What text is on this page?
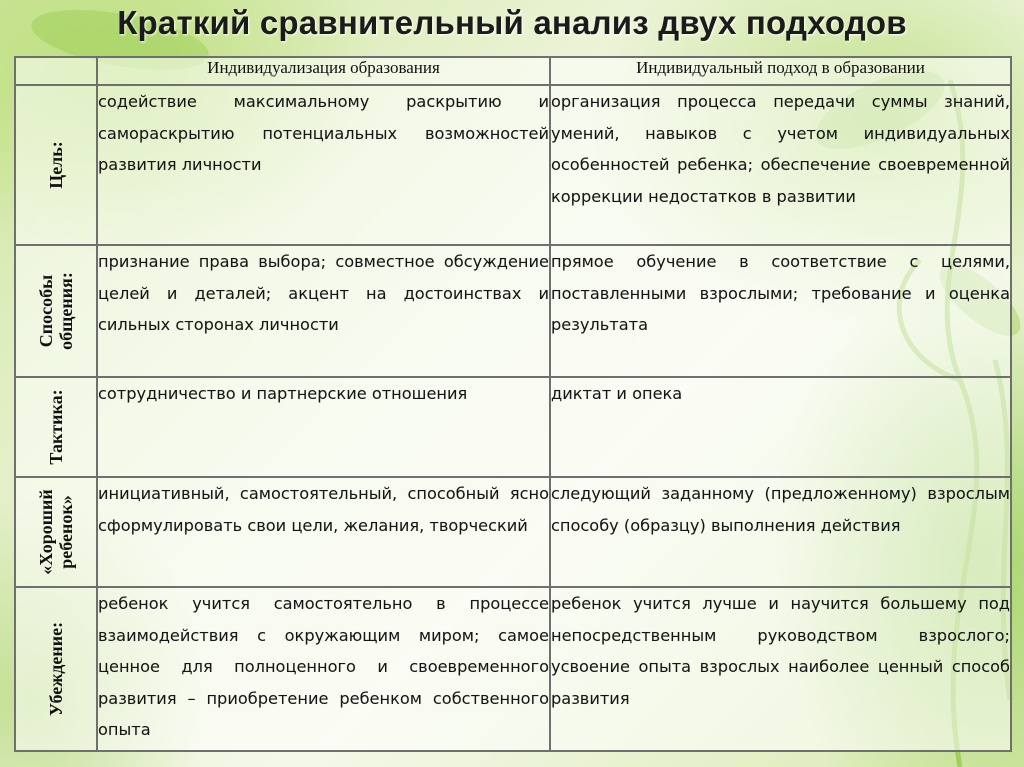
Краткий сравнительный анализ двух подходов
	Индивидуализация образования	Индивидуальный подход в образовании

Цель:	содействие максимальному раскрытию и самораскрытию потенциальных возможностей развития личности	организация процесса передачи суммы знаний, умений, навыков с учетом индивидуальных особенностей ребенка; обеспечение своевременной коррекции недостатков в развитии

Способы общения:	признание права выбора; совместное обсуждение целей и деталей; акцент на достоинствах и сильных сторонах личности	прямое обучение в соответствие с целями, поставленными взрослыми; требование и оценка результата

Тактика:	сотрудничество и партнерские отношения	диктат и опека

«Хороший ребенок»	инициативный, самостоятельный, способный ясно сформулировать свои цели, желания, творческий	следующий заданному (предложенному) взрослым способу (образцу) выполнения действия

Убеждение:	ребенок учится самостоятельно в процессе взаимодействия с окружающим миром; самое ценное для полноценного и своевременного развития – приобретение ребенком собственного опыта	ребенок учится лучше и научится большему под непосредственным руководством взрослого; усвоение опыта взрослых наиболее ценный способ развития
